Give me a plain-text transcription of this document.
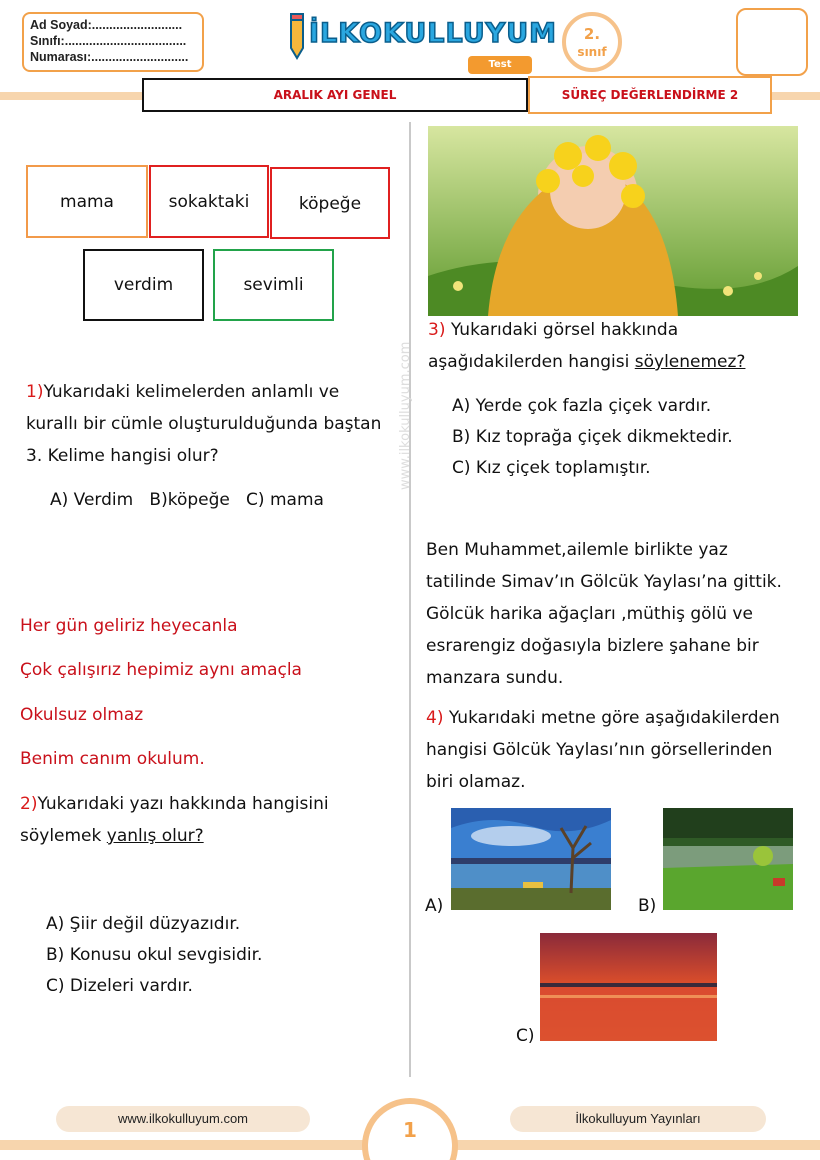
Ad Soyad:..........................
Sınıfı:...................................
Numarası:............................
İLKOKULLUYUM
Test
2.
sınıf
ARALIK AYI GENEL	SÜREÇ DEĞERLENDİRME 2
www.ilkokulluyum.com
mama	sokaktaki	köpeğe
verdim	sevimli
1)Yukarıdaki kelimelerden anlamlı ve
kurallı bir cümle oluşturulduğunda baştan
3. Kelime hangisi olur?
A) Verdim   B)köpeğe   C) mama
Her gün geliriz heyecanla
Çok çalışırız hepimiz aynı amaçla
Okulsuz olmaz
Benim canım okulum.
2)Yukarıdaki yazı hakkında hangisini
söylemek yanlış olur?
A) Şiir değil düzyazıdır.
B) Konusu okul sevgisidir.
C) Dizeleri vardır.
3) Yukarıdaki görsel hakkında
aşağıdakilerden hangisi söylenemez?
A) Yerde çok fazla çiçek vardır.
B) Kız toprağa çiçek dikmektedir.
C) Kız çiçek toplamıştır.
Ben Muhammet,ailemle birlikte yaz
tatilinde Simav’ın Gölcük Yaylası’na gittik.
Gölcük harika ağaçları ,müthiş gölü ve
esrarengiz doğasıyla bizlere şahane bir
manzara sundu.
4) Yukarıdaki metne göre aşağıdakilerden
hangisi Gölcük Yaylası’nın görsellerinden
biri olamaz.
A)	B)
C)
1
www.ilkokulluyum.com	İlkokulluyum Yayınları
